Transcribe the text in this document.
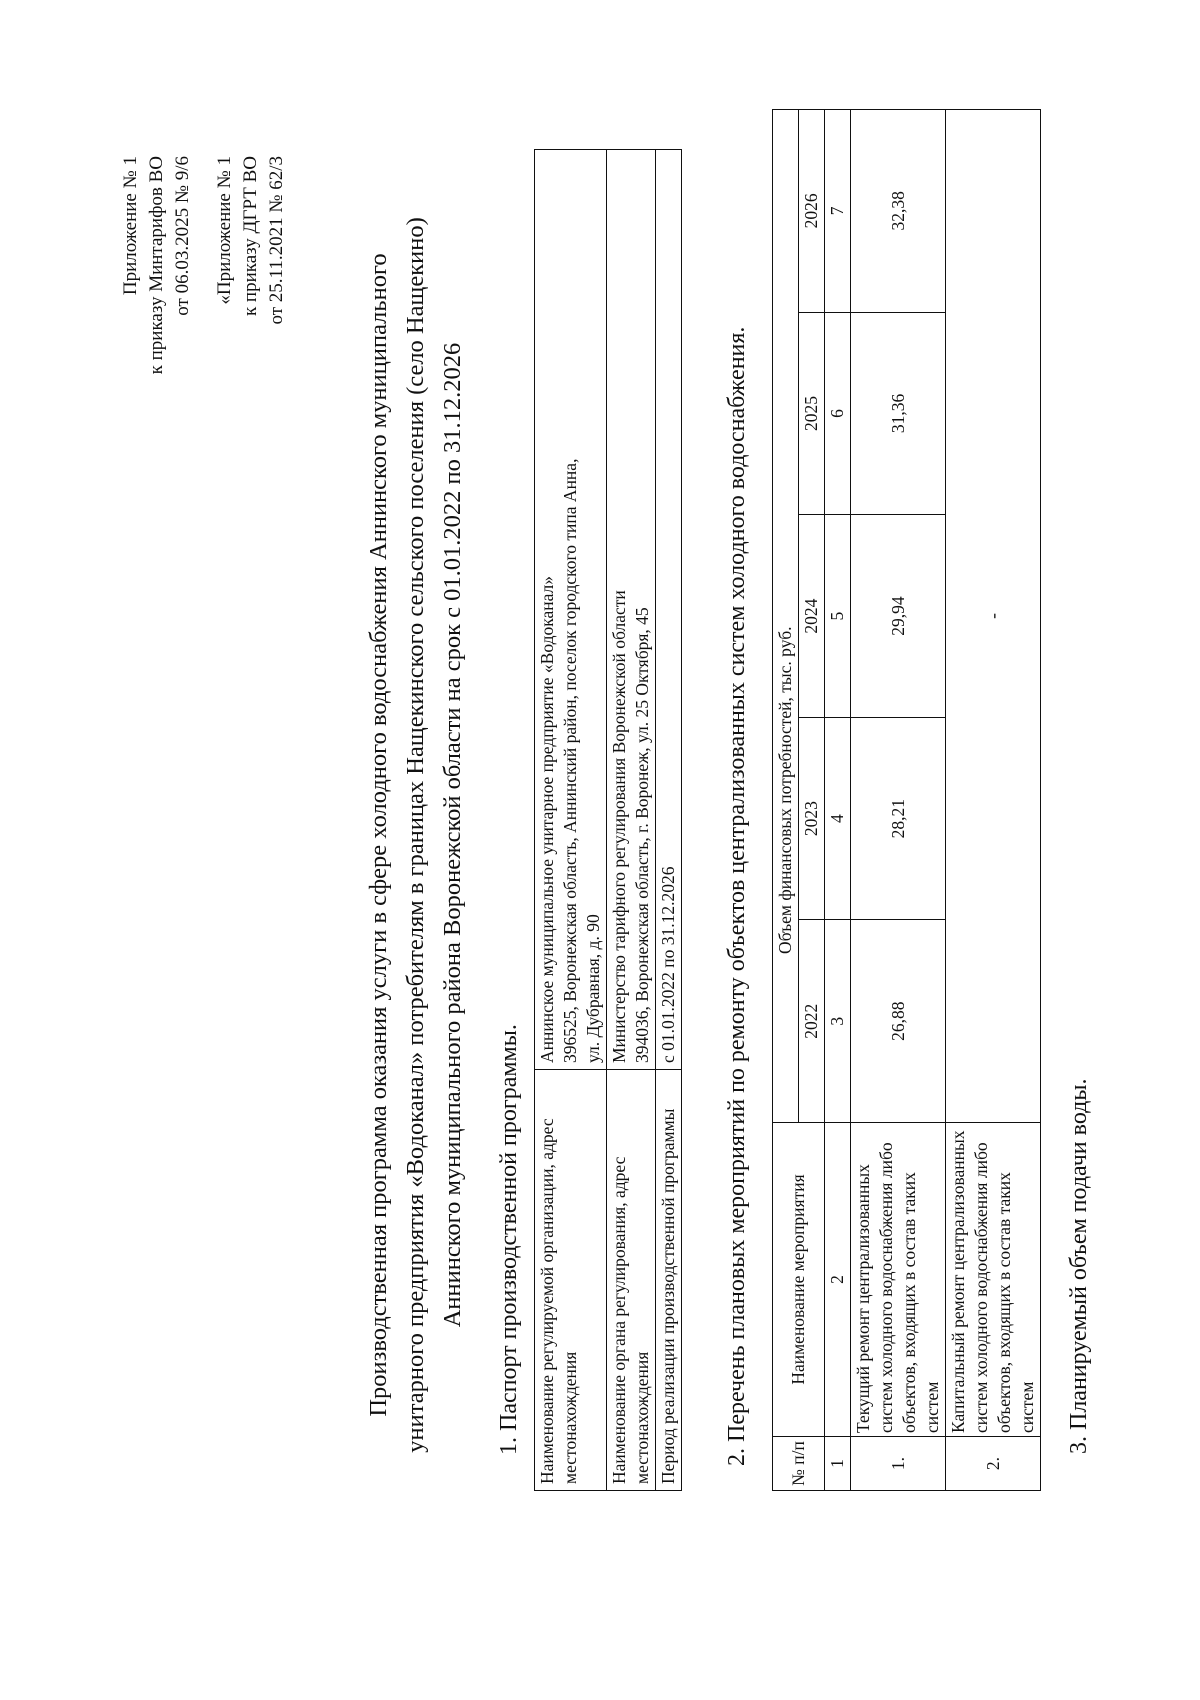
Приложение № 1 к приказу Минтарифов ВО от 06.03.2025 № 9/6 «Приложение № 1 к приказу ДГРТ ВО от 25.11.2021 № 62/3
Производственная программа оказания услуги в сфере холодного водоснабжения Аннинского муниципального унитарного предприятия «Водоканал» потребителям в границах Нащекинского сельского поселения (село Нащекино) Аннинского муниципального района Воронежской области на срок с 01.01.2022 по 31.12.2026 1. Паспорт производственной программы. Наименование регулируемой организации, адрес местонахождения	Аннинское муниципальное унитарное предприятие «Водоканал» 396525, Воронежская область, Аннинский район, поселок городского типа Анна, ул. Дубравная, д. 90

Наименование органа регулирования, адрес местонахождения	Министерство тарифного регулирования Воронежской области 394036, Воронежская область, г. Воронеж, ул. 25 Октября, 45

Период реализации производственной программы	с 01.01.2022 по 31.12.2026 2. Перечень плановых мероприятий по ремонту объектов централизованных систем холодного водоснабжения. № п/п	Наименование мероприятия	Объем финансовых потребностей, тыс. руб.				
		2022	2023	2024	2025	2026
1	2	3	4	5	6	7
1.	Текущий ремонт централизованных систем холодного водоснабжения либо объектов, входящих в состав таких систем	26,88	28,21	29,94	31,36	32,38
2.	Капитальный ремонт централизованных систем холодного водоснабжения либо объектов, входящих в состав таких систем	-				
3. Планируемый объем подачи воды.
